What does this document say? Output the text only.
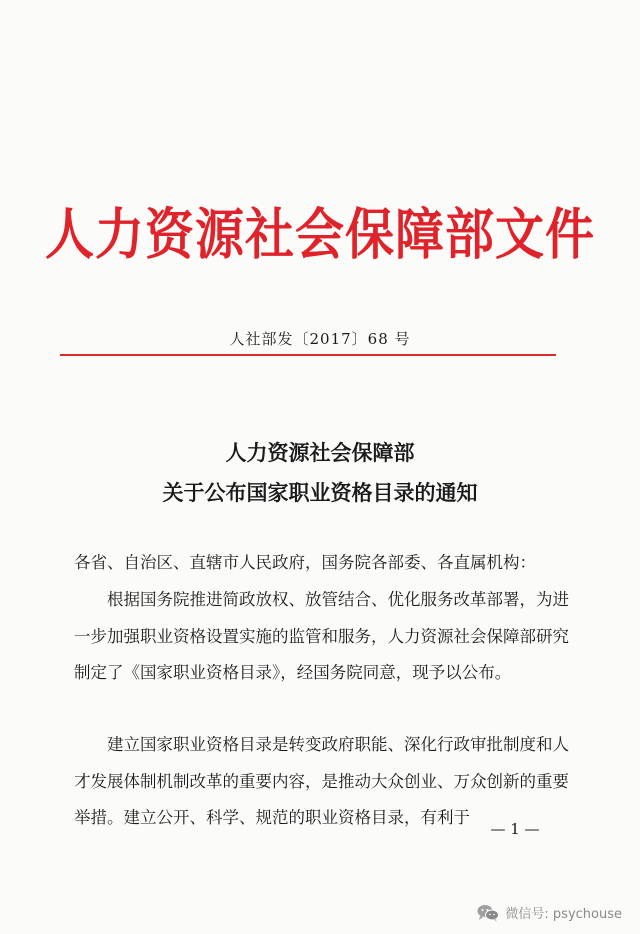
人力资源社会保障部文件
人社部发〔2017〕68 号
人力资源社会保障部
关于公布国家职业资格目录的通知
各省、自治区、直辖市人民政府，国务院各部委、各直属机构：
根据国务院推进简政放权、放管结合、优化服务改革部署，为进一步加强职业资格设置实施的监管和服务，人力资源社会保障部研究制定了《国家职业资格目录》，经国务院同意，现予以公布。
建立国家职业资格目录是转变政府职能、深化行政审批制度和人才发展体制机制改革的重要内容，是推动大众创业、万众创新的重要举措。建立公开、科学、规范的职业资格目录，有利于
— 1 —
微信号: psychouse
